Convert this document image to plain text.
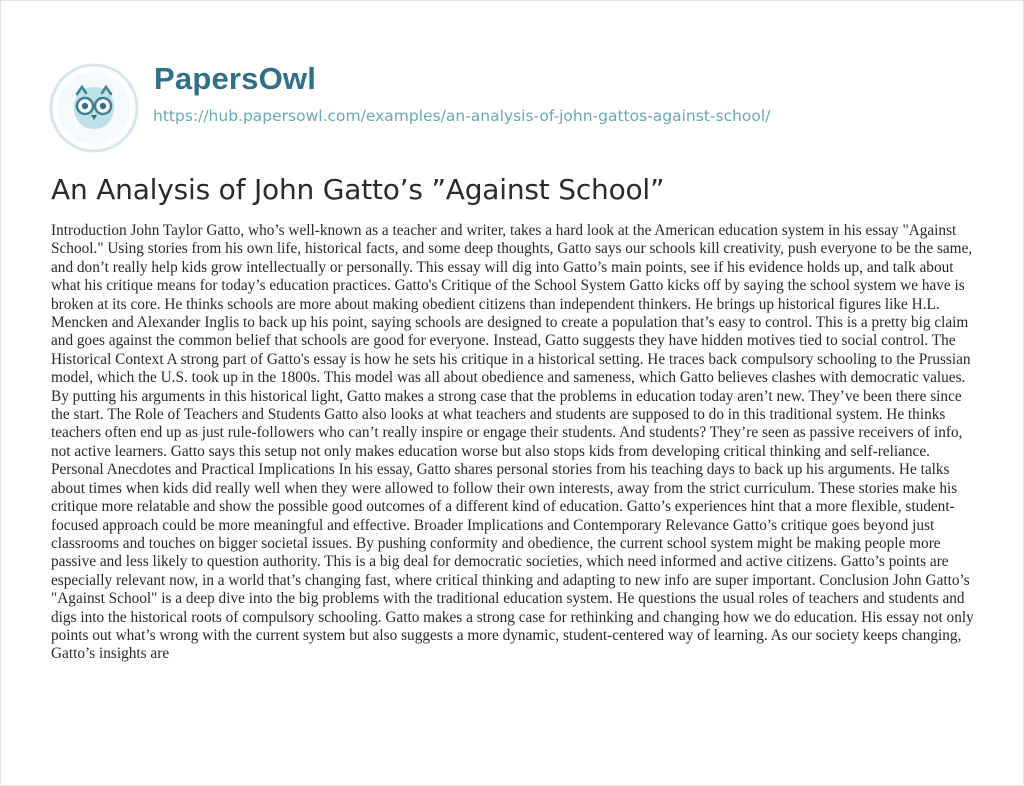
PapersOwl
https://hub.papersowl.com/examples/an-analysis-of-john-gattos-against-school/
An Analysis of John Gatto’s ”Against School”

Introduction John Taylor Gatto, who’s well-known as a teacher and writer, takes a hard look at the American education system in his essay "Against School." Using stories from his own life, historical facts, and some deep thoughts, Gatto says our schools kill creativity, push everyone to be the same, and don’t really help kids grow intellectually or personally. This essay will dig into Gatto’s main points, see if his evidence holds up, and talk about what his critique means for today’s education practices. Gatto's Critique of the School System Gatto kicks off by saying the school system we have is broken at its core. He thinks schools are more about making obedient citizens than independent thinkers. He brings up historical figures like H.L. Mencken and Alexander Inglis to back up his point, saying schools are designed to create a population that’s easy to control. This is a pretty big claim and goes against the common belief that schools are good for everyone. Instead, Gatto suggests they have hidden motives tied to social control. The Historical Context A strong part of Gatto's essay is how he sets his critique in a historical setting. He traces back compulsory schooling to the Prussian model, which the U.S. took up in the 1800s. This model was all about obedience and sameness, which Gatto believes clashes with democratic values. By putting his arguments in this historical light, Gatto makes a strong case that the problems in education today aren’t new. They’ve been there since the start. The Role of Teachers and Students Gatto also looks at what teachers and students are supposed to do in this traditional system. He thinks teachers often end up as just rule-followers who can’t really inspire or engage their students. And students? They’re seen as passive receivers of info, not active learners. Gatto says this setup not only makes education worse but also stops kids from developing critical thinking and self-reliance. Personal Anecdotes and Practical Implications In his essay, Gatto shares personal stories from his teaching days to back up his arguments. He talks about times when kids did really well when they were allowed to follow their own interests, away from the strict curriculum. These stories make his critique more relatable and show the possible good outcomes of a different kind of education. Gatto’s experiences hint that a more flexible, student-focused approach could be more meaningful and effective. Broader Implications and Contemporary Relevance Gatto’s critique goes beyond just classrooms and touches on bigger societal issues. By pushing conformity and obedience, the current school system might be making people more passive and less likely to question authority. This is a big deal for democratic societies, which need informed and active citizens. Gatto’s points are especially relevant now, in a world that’s changing fast, where critical thinking and adapting to new info are super important. Conclusion John Gatto’s "Against School" is a deep dive into the big problems with the traditional education system. He questions the usual roles of teachers and students and digs into the historical roots of compulsory schooling. Gatto makes a strong case for rethinking and changing how we do education. His essay not only points out what’s wrong with the current system but also suggests a more dynamic, student-centered way of learning. As our society keeps changing, Gatto’s insights are
